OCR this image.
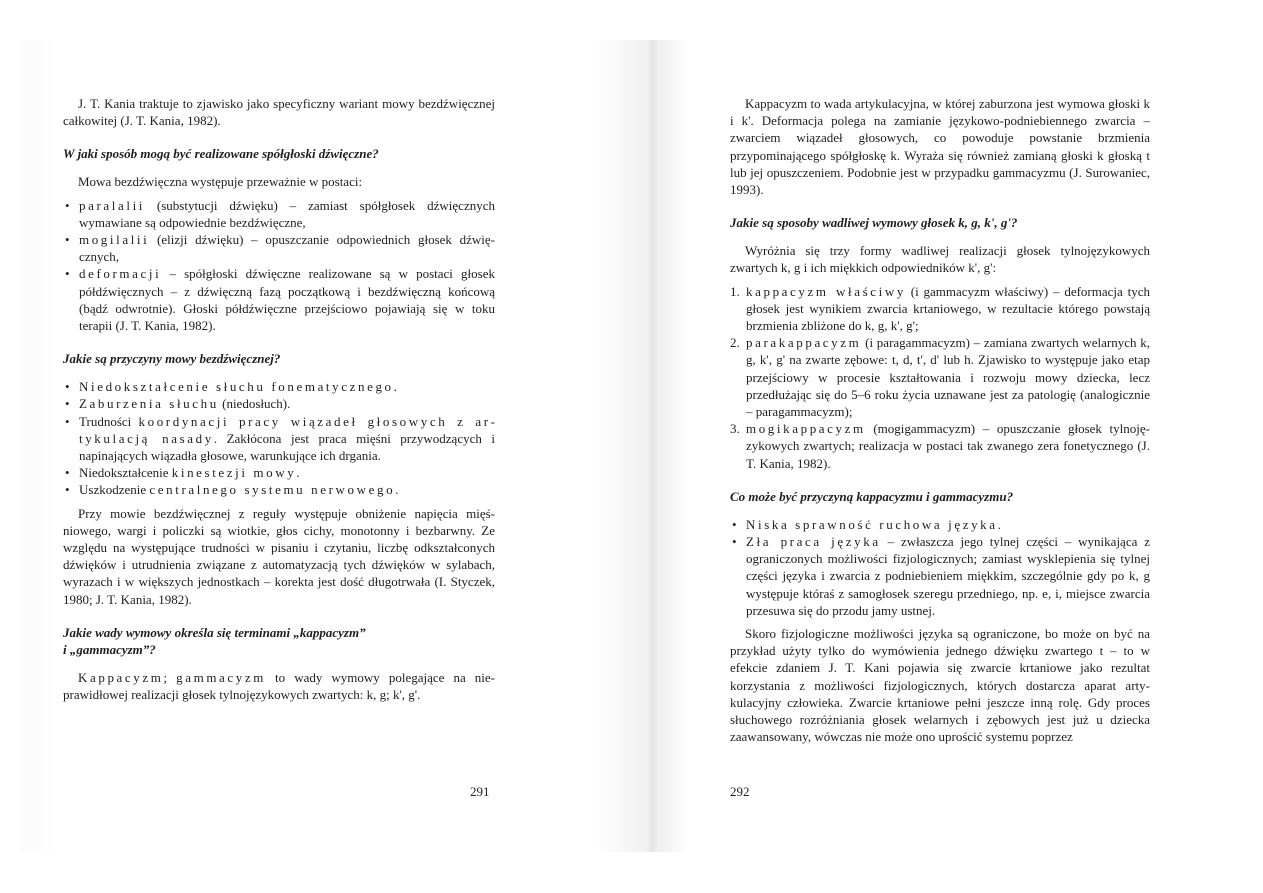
J. T. Kania traktuje to zjawisko jako specyficzny wariant mowy bezdźwięcznej całkowitej (J. T. Kania, 1982).

W jaki sposób mogą być realizowane spółgłoski dźwięczne?

Mowa bezdźwięczna występuje przeważnie w postaci:

• paralalii (substytucji dźwięku) – zamiast spółgłosek dźwięcznych wymawiane są odpowiednie bezdźwięczne,
• mogilalii (elizji dźwięku) – opuszczanie odpowiednich głosek dźwięcznych,
• deformacji – spółgłoski dźwięczne realizowane są w postaci głosek półdźwięcznych – z dźwięczną fazą początkową i bezdźwięczną końcową (bądź odwrotnie). Głoski półdźwięczne przejściowo pojawiają się w toku terapii (J. T. Kania, 1982).
Jakie są przyczyny mowy bezdźwięcznej?
• Niedokształcenie słuchu fonematycznego.
• Zaburzenia słuchu (niedosłuch).
• Trudności koordynacji pracy wiązadeł głosowych z artykulacją nasady. Zakłócona jest praca mięśni przywodzących i napinających wiązadła głosowe, warunkujące ich drgania.
• Niedokształcenie kinestezji mowy.
• Uszkodzenie centralnego systemu nerwowego.

Przy mowie bezdźwięcznej z reguły występuje obniżenie napięcia mięśniowego, wargi i policzki są wiotkie, głos cichy, monotonny i bezbarwny. Ze względu na występujące trudności w pisaniu i czytaniu, liczbę odkształconych dźwięków i utrudnienia związane z automatyzacją tych dźwięków w sylabach, wyrazach i w większych jednostkach – korekta jest dość długotrwała (I. Styczek, 1980; J. T. Kania, 1982).

Jakie wady wymowy określa się terminami „kappacyzm”
i „gammacyzm”?

Kappacyzm; gammacyzm to wady wymowy polegające na nieprawidłowej realizacji głosek tylnojęzykowych zwartych: k, g; k', g'.

291

Kappacyzm to wada artykulacyjna, w której zaburzona jest wymowa głoski k i k'. Deformacja polega na zamianie językowo-podniebiennego zwarcia – zwarciem wiązadeł głosowych, co powoduje powstanie brzmienia przypominającego spółgłoskę k. Wyraża się również zamianą głoski k głoską t lub jej opuszczeniem. Podobnie jest w przypadku gammacyzmu (J. Surowaniec, 1993).

Jakie są sposoby wadliwej wymowy głosek k, g, k', g'?

Wyróżnia się trzy formy wadliwej realizacji głosek tylnojęzykowych zwartych k, g i ich miękkich odpowiedników k', g':

1. kappacyzm właściwy (i gammacyzm właściwy) – deformacja tych głosek jest wynikiem zwarcia krtaniowego, w rezultacie którego powstają brzmienia zbliżone do k, g, k', g';
2. parakappacyzm (i paragammacyzm) – zamiana zwartych welarnych k, g, k', g' na zwarte zębowe: t, d, t', d' lub h. Zjawisko to występuje jako etap przejściowy w procesie kształtowania i rozwoju mowy dziecka, lecz przedłużając się do 5–6 roku życia uznawane jest za patologię (analogicznie – paragammacyzm);
3. mogikappacyzm (mogigammacyzm) – opuszczanie głosek tylnojęzykowych zwartych; realizacja w postaci tak zwanego zera fonetycznego (J. T. Kania, 1982).
Co może być przyczyną kappacyzmu i gammacyzmu?
• Niska sprawność ruchowa języka.
• Zła praca języka – zwłaszcza jego tylnej części – wynikająca z ograniczonych możliwości fizjologicznych; zamiast wysklepienia się tylnej części języka i zwarcia z podniebieniem miękkim, szczególnie gdy po k, g występuje któraś z samogłosek szeregu przedniego, np. e, i, miejsce zwarcia przesuwa się do przodu jamy ustnej.

Skoro fizjologiczne możliwości języka są ograniczone, bo może on być na przykład użyty tylko do wymówienia jednego dźwięku zwartego t – to w efekcie zdaniem J. T. Kani pojawia się zwarcie krtaniowe jako rezultat korzystania z możliwości fizjologicznych, których dostarcza aparat artykulacyjny człowieka. Zwarcie krtaniowe pełni jeszcze inną rolę. Gdy proces słuchowego rozróżniania głosek welarnych i zębowych jest już u dziecka zaawansowany, wówczas nie może ono uprościć systemu poprzez

292
